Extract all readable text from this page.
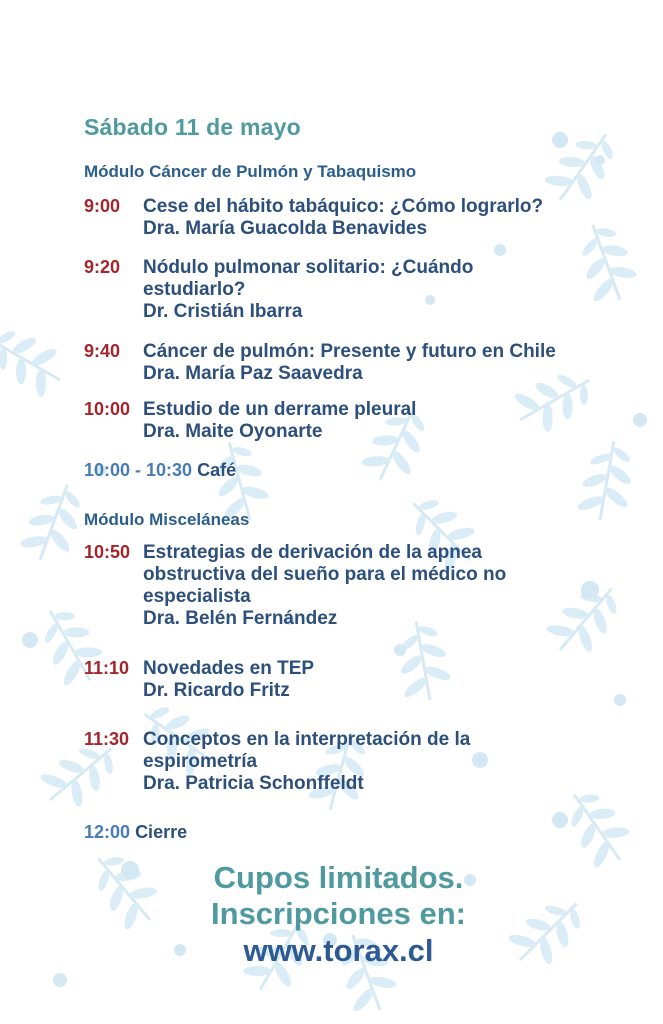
Sábado 11 de mayo
Módulo Cáncer de Pulmón y Tabaquismo
9:00 Cese del hábito tabáquico: ¿Cómo lograrlo?
Dra. María Guacolda Benavides
9:20 Nódulo pulmonar solitario: ¿Cuándo estudiarlo?
Dr. Cristián Ibarra
9:40 Cáncer de pulmón: Presente y futuro en Chile
Dra. María Paz Saavedra
10:00 Estudio de un derrame pleural
Dra. Maite Oyonarte
10:00 - 10:30 Café
Módulo Misceláneas
10:50 Estrategias de derivación de la apnea obstructiva del sueño para el médico no especialista
Dra. Belén Fernández
11:10 Novedades en TEP
Dr. Ricardo Fritz
11:30 Conceptos en la interpretación de la espirometría
Dra. Patricia Schonffeldt
12:00 Cierre
Cupos limitados.
Inscripciones en:
www.torax.cl
